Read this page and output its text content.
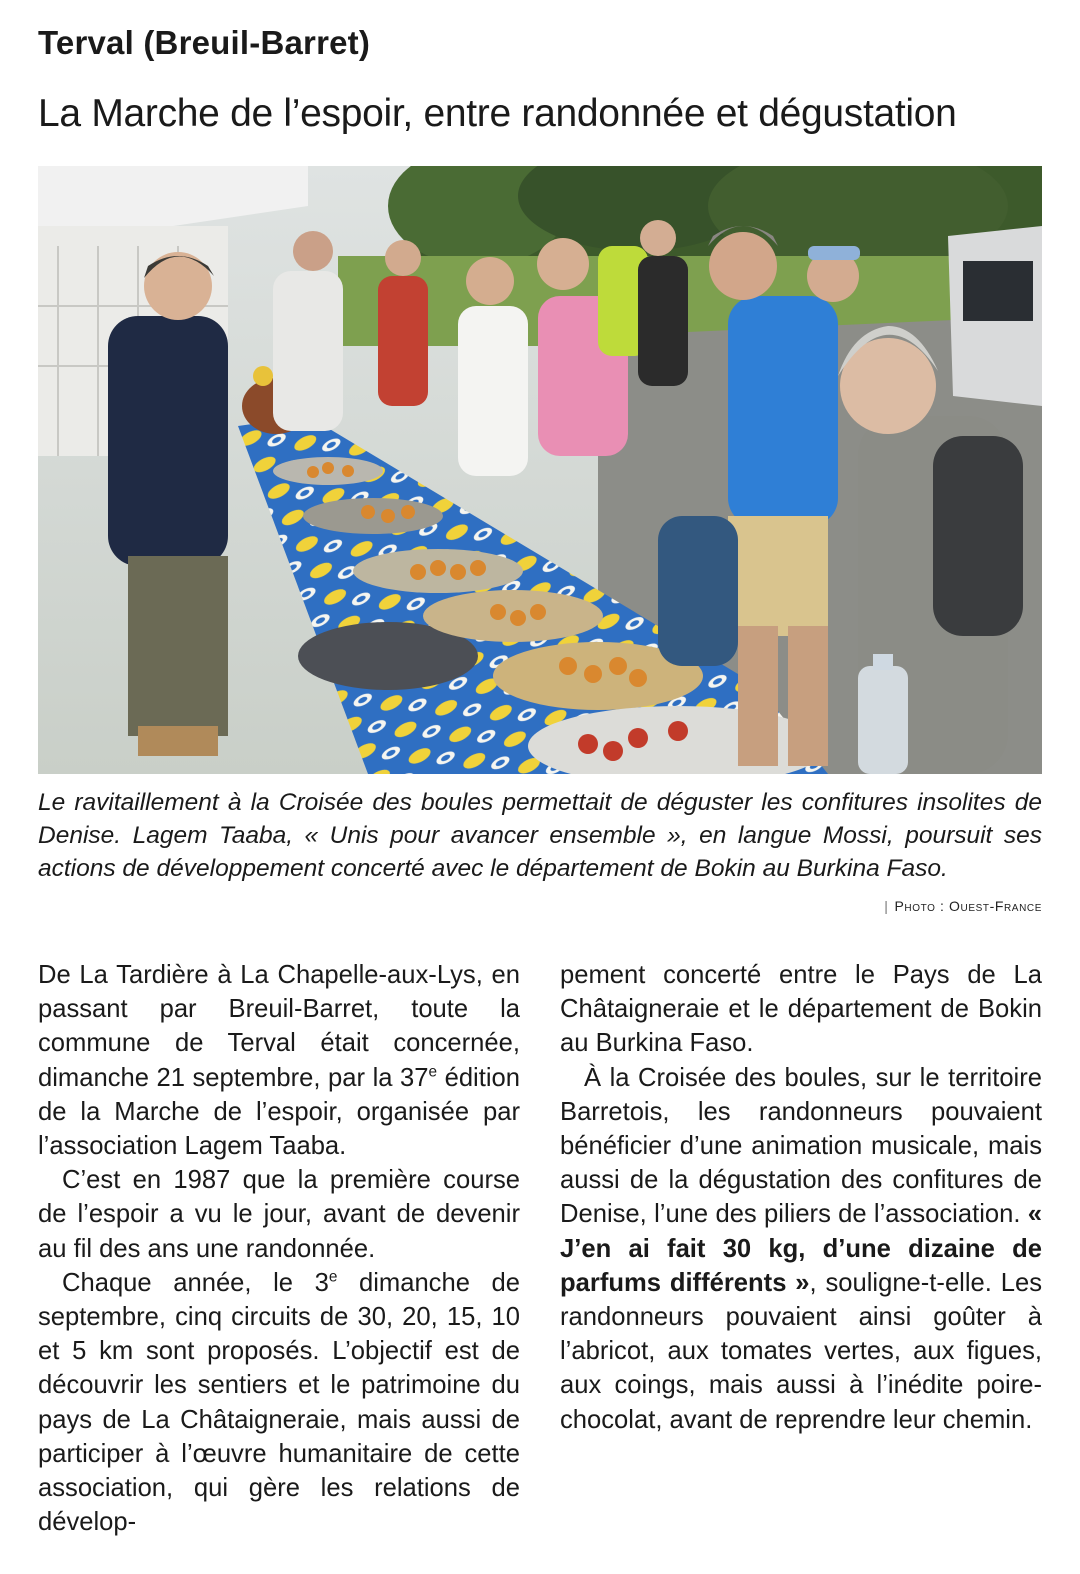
Terval (Breuil-Barret)
La Marche de l’espoir, entre randonnée et dégustation

Le ravitaillement à la Croisée des boules permettait de déguster les confitures insolites de Denise. Lagem Taaba, « Unis pour avancer ensemble », en langue Mossi, poursuit ses actions de développement concerté avec le département de Bokin au Burkina Faso.

| Photo : Ouest-France

De La Tardière à La Chapelle-aux-Lys, en passant par Breuil-Barret, toute la commune de Terval était concernée, dimanche 21 septembre, par la 37e édition de la Marche de l’espoir, organisée par l’association Lagem Taaba.

C’est en 1987 que la première course de l’espoir a vu le jour, avant de devenir au fil des ans une randonnée.

Chaque année, le 3e dimanche de septembre, cinq circuits de 30, 20, 15, 10 et 5 km sont proposés. L’objectif est de découvrir les sentiers et le patrimoine du pays de La Châtaigneraie, mais aussi de participer à l’œuvre humanitaire de cette association, qui gère les relations de dévelop-

pement concerté entre le Pays de La Châtaigneraie et le département de Bokin au Burkina Faso.

À la Croisée des boules, sur le territoire Barretois, les randonneurs pouvaient bénéficier d’une animation musicale, mais aussi de la dégustation des confitures de Denise, l’une des piliers de l’association. « J’en ai fait 30 kg, d’une dizaine de parfums différents », souligne-t-elle. Les randonneurs pouvaient ainsi goûter à l’abricot, aux tomates vertes, aux figues, aux coings, mais aussi à l’inédite poire-chocolat, avant de reprendre leur chemin.
